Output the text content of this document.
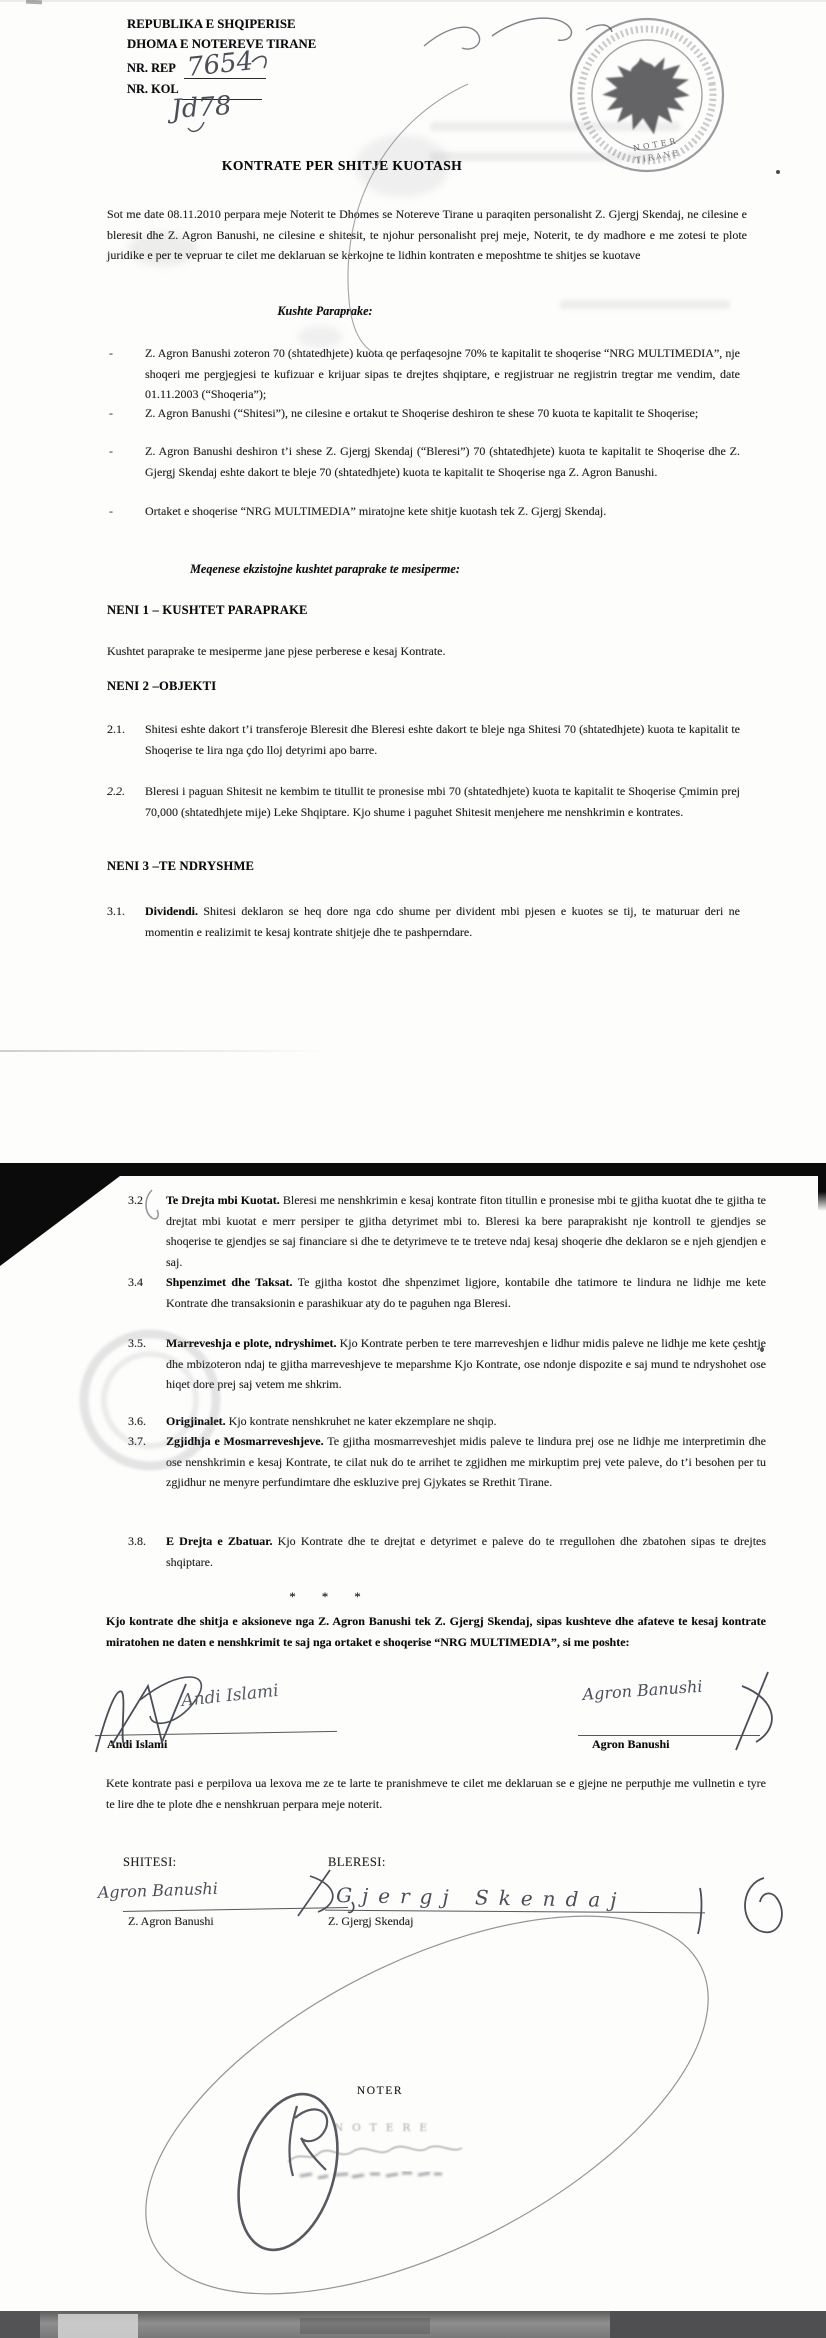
REPUBLIKA E SHQIPERISE
DHOMA E NOTEREVE TIRANE
NR. REP
NR. KOL
KONTRATE PER SHITJE KUOTASH
Sot me date 08.11.2010 perpara meje Noterit te Dhomes se Notereve Tirane u paraqiten personalisht Z. Gjergj Skendaj, ne cilesine e bleresit dhe Z. Agron Banushi, ne cilesine e shitesit, te njohur personalisht prej meje, Noterit, te dy madhore e me zotesi te plote juridike e per te vepruar te cilet me deklaruan se kerkojne te lidhin kontraten e meposhtme te shitjes se kuotave
Kushte Paraprake:
-	Z. Agron Banushi zoteron 70 (shtatedhjete) kuota qe perfaqesojne 70% te kapitalit te shoqerise “NRG MULTIMEDIA”, nje shoqeri me pergjegjesi te kufizuar e krijuar sipas te drejtes shqiptare, e regjistruar ne regjistrin tregtar me vendim, date 01.11.2003 (“Shoqeria”);
-	Z. Agron Banushi (“Shitesi”), ne cilesine e ortakut te Shoqerise deshiron te shese 70 kuota te kapitalit te Shoqerise;
-	Z. Agron Banushi deshiron t’i shese Z. Gjergj Skendaj (“Bleresi”) 70 (shtatedhjete) kuota te kapitalit te Shoqerise dhe Z. Gjergj Skendaj eshte dakort te bleje 70 (shtatedhjete) kuota te kapitalit te Shoqerise nga Z. Agron Banushi.
-	Ortaket e shoqerise “NRG MULTIMEDIA” miratojne kete shitje kuotash tek Z. Gjergj Skendaj.
Meqenese ekzistojne kushtet paraprake te mesiperme:
NENI 1 – KUSHTET PARAPRAKE
Kushtet paraprake te mesiperme jane pjese perberese e kesaj Kontrate.
NENI 2 –OBJEKTI
2.1. Shitesi eshte dakort t’i transferoje Bleresit dhe Bleresi eshte dakort te bleje nga Shitesi 70 (shtatedhjete) kuota te kapitalit te Shoqerise te lira nga çdo lloj detyrimi apo barre.
2.2. Bleresi i paguan Shitesit ne kembim te titullit te pronesise mbi 70 (shtatedhjete) kuota te kapitalit te Shoqerise Çmimin prej 70,000 (shtatedhjete mije) Leke Shqiptare. Kjo shume i paguhet Shitesit menjehere me nenshkrimin e kontrates.
NENI 3 –TE NDRYSHME
3.1. Dividendi. Shitesi deklaron se heq dore nga cdo shume per divident mbi pjesen e kuotes se tij, te maturuar deri ne momentin e realizimit te kesaj kontrate shitjeje dhe te pashperndare.
3.2 Te Drejta mbi Kuotat. Bleresi me nenshkrimin e kesaj kontrate fiton titullin e pronesise mbi te gjitha kuotat dhe te gjitha te drejtat mbi kuotat e merr persiper te gjitha detyrimet mbi to. Bleresi ka bere paraprakisht nje kontroll te gjendjes se shoqerise te gjendjes se saj financiare si dhe te detyrimeve te te treteve ndaj kesaj shoqerie dhe deklaron se e njeh gjendjen e saj.
3.4 Shpenzimet dhe Taksat. Te gjitha kostot dhe shpenzimet ligjore, kontabile dhe tatimore te lindura ne lidhje me kete Kontrate dhe transaksionin e parashikuar aty do te paguhen nga Bleresi.
3.5. Marreveshja e plote, ndryshimet. Kjo Kontrate perben te tere marreveshjen e lidhur midis paleve ne lidhje me kete çeshtje dhe mbizoteron ndaj te gjitha marreveshjeve te meparshme Kjo Kontrate, ose ndonje dispozite e saj mund te ndryshohet ose hiqet dore prej saj vetem me shkrim.
3.6. Origjinalet. Kjo kontrate nenshkruhet ne kater ekzemplare ne shqip.
3.7. Zgjidhja e Mosmarreveshjeve. Te gjitha mosmarreveshjet midis paleve te lindura prej ose ne lidhje me interpretimin dhe ose nenshkrimin e kesaj Kontrate, te cilat nuk do te arrihet te zgjidhen me mirkuptim prej vete paleve, do t’i besohen per tu zgjidhur ne menyre perfundimtare dhe eskluzive prej Gjykates se Rrethit Tirane.
3.8. E Drejta e Zbatuar. Kjo Kontrate dhe te drejtat e detyrimet e paleve do te rregullohen dhe zbatohen sipas te drejtes shqiptare.
*        *        *
Kjo kontrate dhe shitja e aksioneve nga Z. Agron Banushi tek Z. Gjergj Skendaj, sipas kushteve dhe afateve te kesaj kontrate miratohen ne daten e nenshkrimit te saj nga ortaket e shoqerise “NRG MULTIMEDIA”, si me poshte:
Andi Islami	Agron Banushi
Kete kontrate pasi e perpilova ua lexova me ze te larte te pranishmeve te cilet me deklaruan se e gjejne ne perputhje me vullnetin e tyre te lire dhe te plote dhe e nenshkruan perpara meje noterit.
SHITESI:	BLERESI:
Z. Agron Banushi	Z. Gjergj Skendaj
NOTER
7654
Jd78
NOTER
TIRANE
Andi Islami	Agron Banushi
Agron Banushi	Gjergj Skendaj
NOTERE
